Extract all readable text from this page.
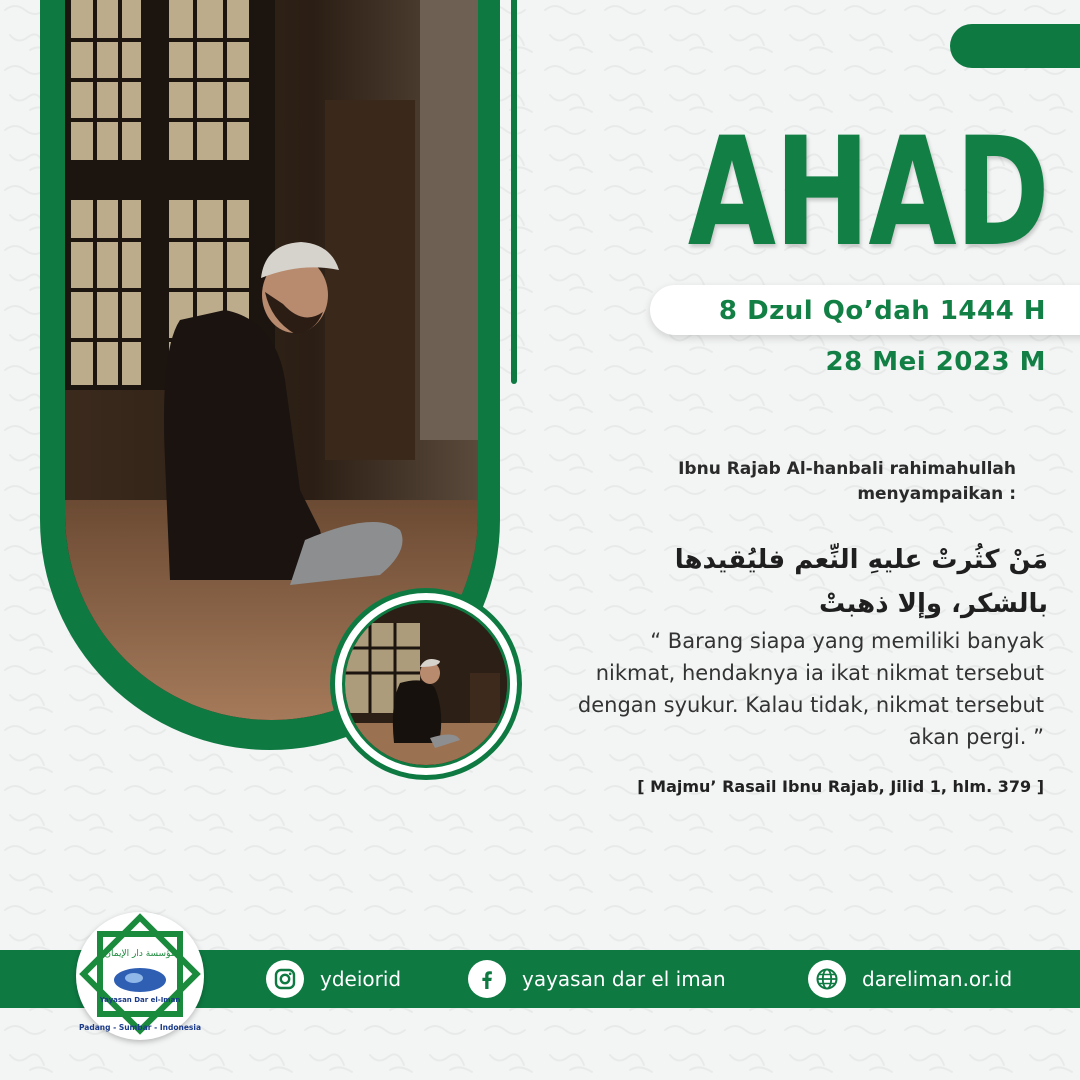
AHAD
8 Dzul Qo’dah 1444 H
28 Mei 2023 M
Ibnu Rajab Al-hanbali rahimahullah menyampaikan :
مَنْ كثُرتْ عليهِ النِّعم فليُقيدها بالشكر، وإلا ذهبتْ
“ Barang siapa yang memiliki banyak nikmat, hendaknya ia ikat nikmat tersebut dengan syukur. Kalau tidak, nikmat tersebut akan pergi. ”
[ Majmu’ Rasail Ibnu Rajab, Jilid 1, hlm. 379 ]
ydeiorid	yayasan dar el iman	dareliman.or.id
مؤسسة دار الإيمان
Yayasan Dar el-Iman
Padang - Sumbar - Indonesia
